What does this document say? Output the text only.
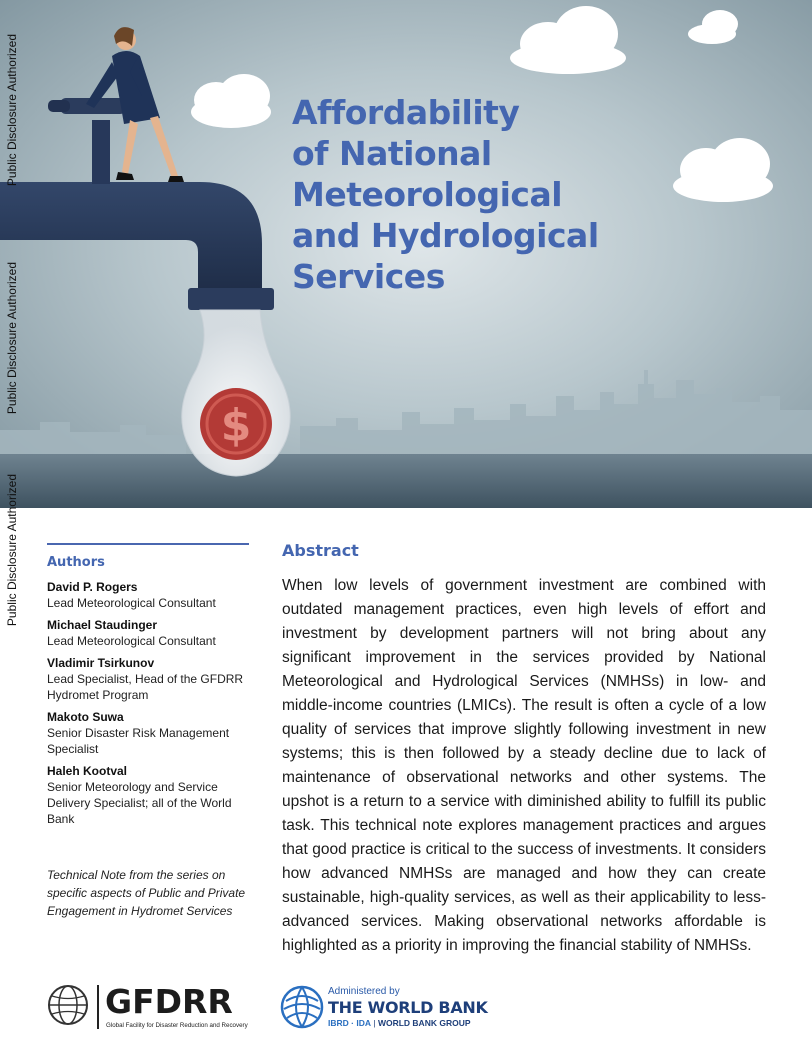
$
Affordability
of National
Meteorological
and Hydrological
Services
Public Disclosure Authorized
Public Disclosure Authorized
Public Disclosure Authorized	Authors
David P. Rogers
Lead Meteorological Consultant
Michael Staudinger
Lead Meteorological Consultant
Vladimir Tsirkunov
Lead Specialist, Head of the GFDRR Hydromet Program
Makoto Suwa
Senior Disaster Risk Management Specialist
Haleh Kootval
Senior Meteorology and Service Delivery Specialist; all of the World Bank
Technical Note from the series on specific aspects of Public and Private Engagement in Hydromet Services
Abstract

When low levels of government investment are combined with outdated management practices, even high levels of effort and investment by development partners will not bring about any significant improvement in the services provided by National Meteorological and Hydrological Services (NMHSs) in low- and middle-income countries (LMICs). The result is often a cycle of a low quality of services that improve slightly following investment in new systems; this is then followed by a steady decline due to lack of maintenance of observational networks and other systems. The upshot is a return to a service with diminished ability to fulfill its public task. This technical note explores management practices and argues that good practice is critical to the success of investments. It considers how advanced NMHSs are managed and how they can create sustainable, high-quality services, as well as their applicability to less-advanced services. Making observational networks affordable is highlighted as a priority in improving the financial stability of NMHSs.

GFDRR
Global Facility for Disaster Reduction and Recovery
Administered by
THE WORLD BANK
IBRD · IDA | WORLD BANK GROUP
